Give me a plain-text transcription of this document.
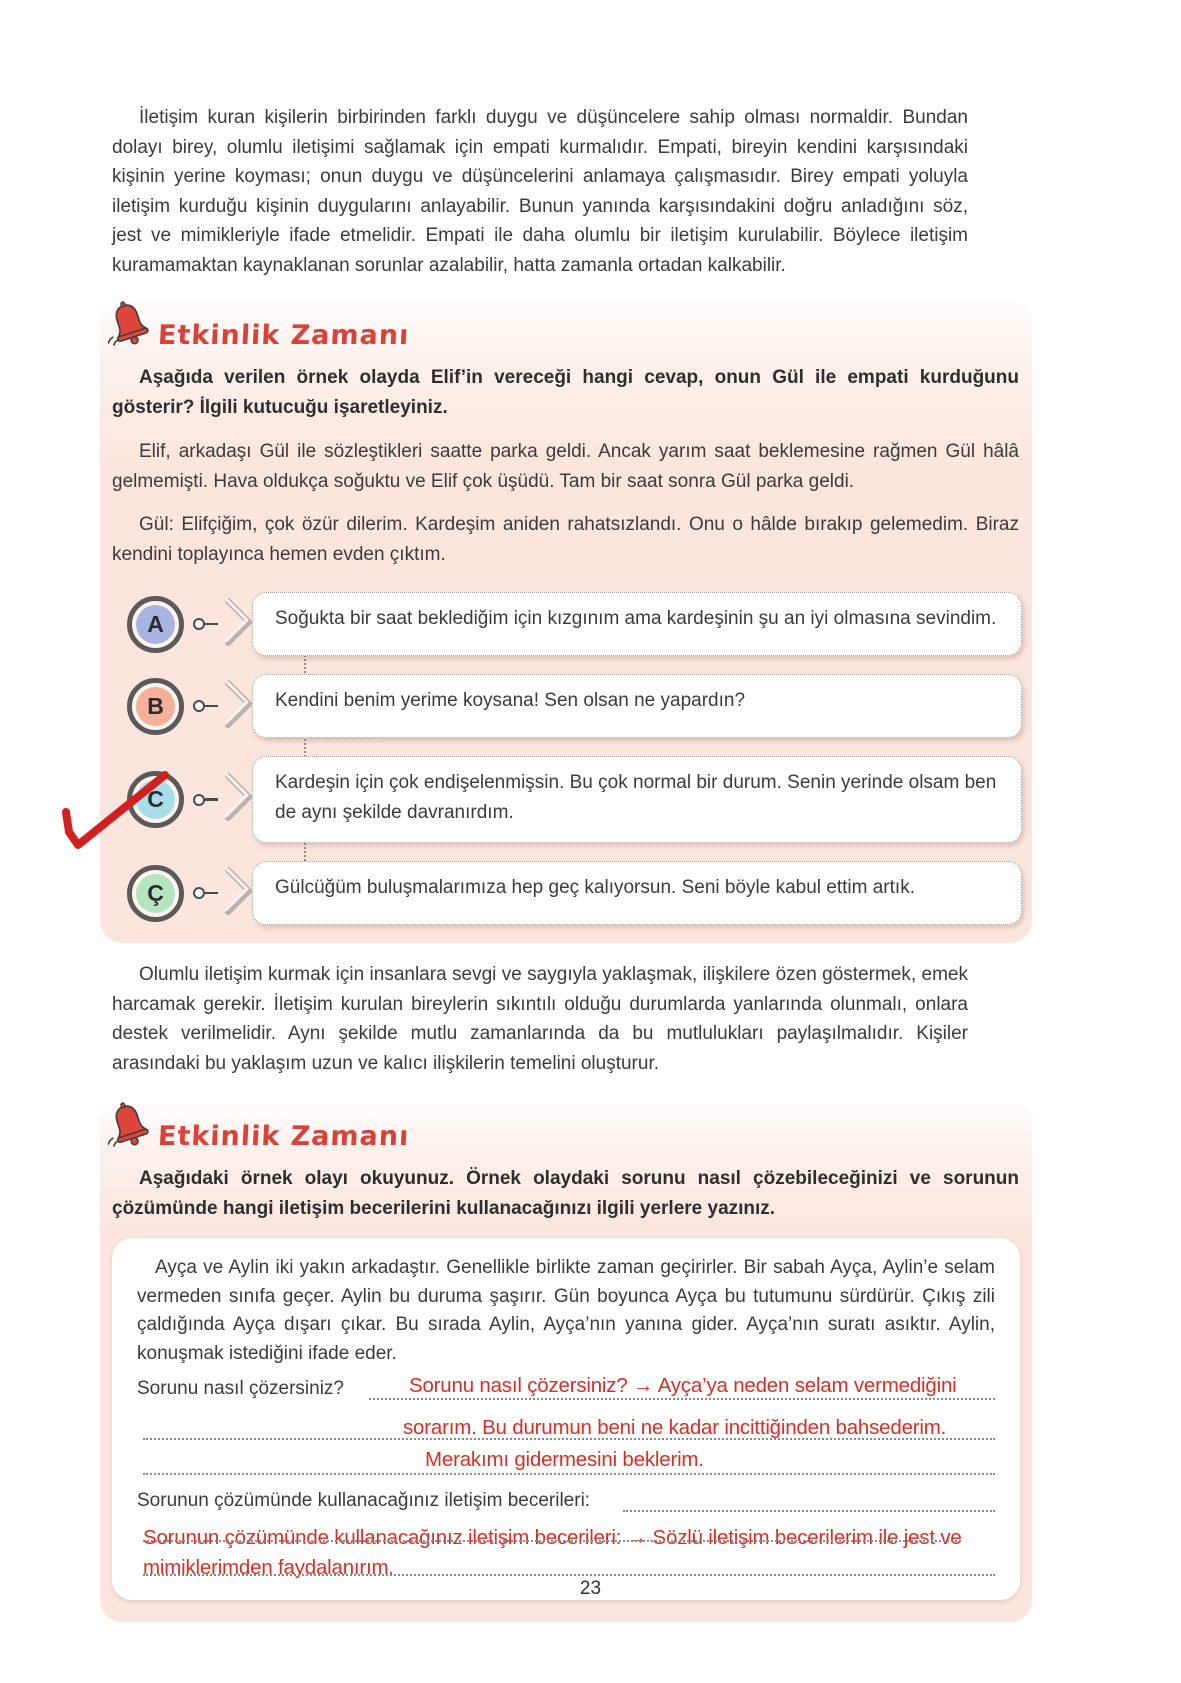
İletişim kuran kişilerin birbirinden farklı duygu ve düşüncelere sahip olması normaldir. Bundan dolayı birey, olumlu iletişimi sağlamak için empati kurmalıdır. Empati, bireyin kendini karşısındaki kişinin yerine koyması; onun duygu ve düşüncelerini anlamaya çalışmasıdır. Birey empati yoluyla iletişim kurduğu kişinin duygularını anlayabilir. Bunun yanında karşısındakini doğru anladığını söz, jest ve mimikleriyle ifade etmelidir. Empati ile daha olumlu bir iletişim kurulabilir. Böylece iletişim kuramamaktan kaynaklanan sorunlar azalabilir, hatta zamanla ortadan kalkabilir.

Etkinlik Zamanı

Aşağıda verilen örnek olayda Elif’in vereceği hangi cevap, onun Gül ile empati kurduğunu gösterir? İlgili kutucuğu işaretleyiniz.

Elif, arkadaşı Gül ile sözleştikleri saatte parka geldi. Ancak yarım saat beklemesine rağmen Gül hâlâ gelmemişti. Hava oldukça soğuktu ve Elif çok üşüdü. Tam bir saat sonra Gül parka geldi.

Gül: Elifçiğim, çok özür dilerim. Kardeşim aniden rahatsızlandı. Onu o hâlde bırakıp gelemedim. Biraz kendini toplayınca hemen evden çıktım.

A	Soğukta bir saat beklediğim için kızgınım ama kardeşinin şu an iyi olmasına sevindim.
B	Kendini benim yerime koysana! Sen olsan ne yapardın?
C
Kardeşin için çok endişelenmişsin. Bu çok normal bir durum. Senin yerinde olsam ben de aynı şekilde davranırdım.
Ç	Gülcüğüm buluşmalarımıza hep geç kalıyorsun. Seni böyle kabul ettim artık.

Olumlu iletişim kurmak için insanlara sevgi ve saygıyla yaklaşmak, ilişkilere özen göstermek, emek harcamak gerekir. İletişim kurulan bireylerin sıkıntılı olduğu durumlarda yanlarında olunmalı, onlara destek verilmelidir. Aynı şekilde mutlu zamanlarında da bu mutlulukları paylaşılmalıdır. Kişiler arasındaki bu yaklaşım uzun ve kalıcı ilişkilerin temelini oluşturur.

Etkinlik Zamanı

Aşağıdaki örnek olayı okuyunuz. Örnek olaydaki sorunu nasıl çözebileceğinizi ve sorunun çözümünde hangi iletişim becerilerini kullanacağınızı ilgili yerlere yazınız.

Ayça ve Aylin iki yakın arkadaştır. Genellikle birlikte zaman geçirirler. Bir sabah Ayça, Aylin’e selam vermeden sınıfa geçer. Aylin bu duruma şaşırır. Gün boyunca Ayça bu tutumunu sürdürür. Çıkış zili çaldığında Ayça dışarı çıkar. Bu sırada Aylin, Ayça’nın yanına gider. Ayça’nın suratı asıktır. Aylin, konuşmak istediğini ifade eder.

Sorunu nasıl çözersiniz?	Sorunu nasıl çözersiniz? → Ayça’ya neden selam vermediğini
sorarım. Bu durumun beni ne kadar incittiğinden bahsederim.
Merakımı gidermesini beklerim.
Sorunun çözümünde kullanacağınız iletişim becerileri:
Sorunun çözümünde kullanacağınız iletişim becerileri: → Sözlü iletişim becerilerim ile jest ve
mimiklerimden faydalanırım.
23
